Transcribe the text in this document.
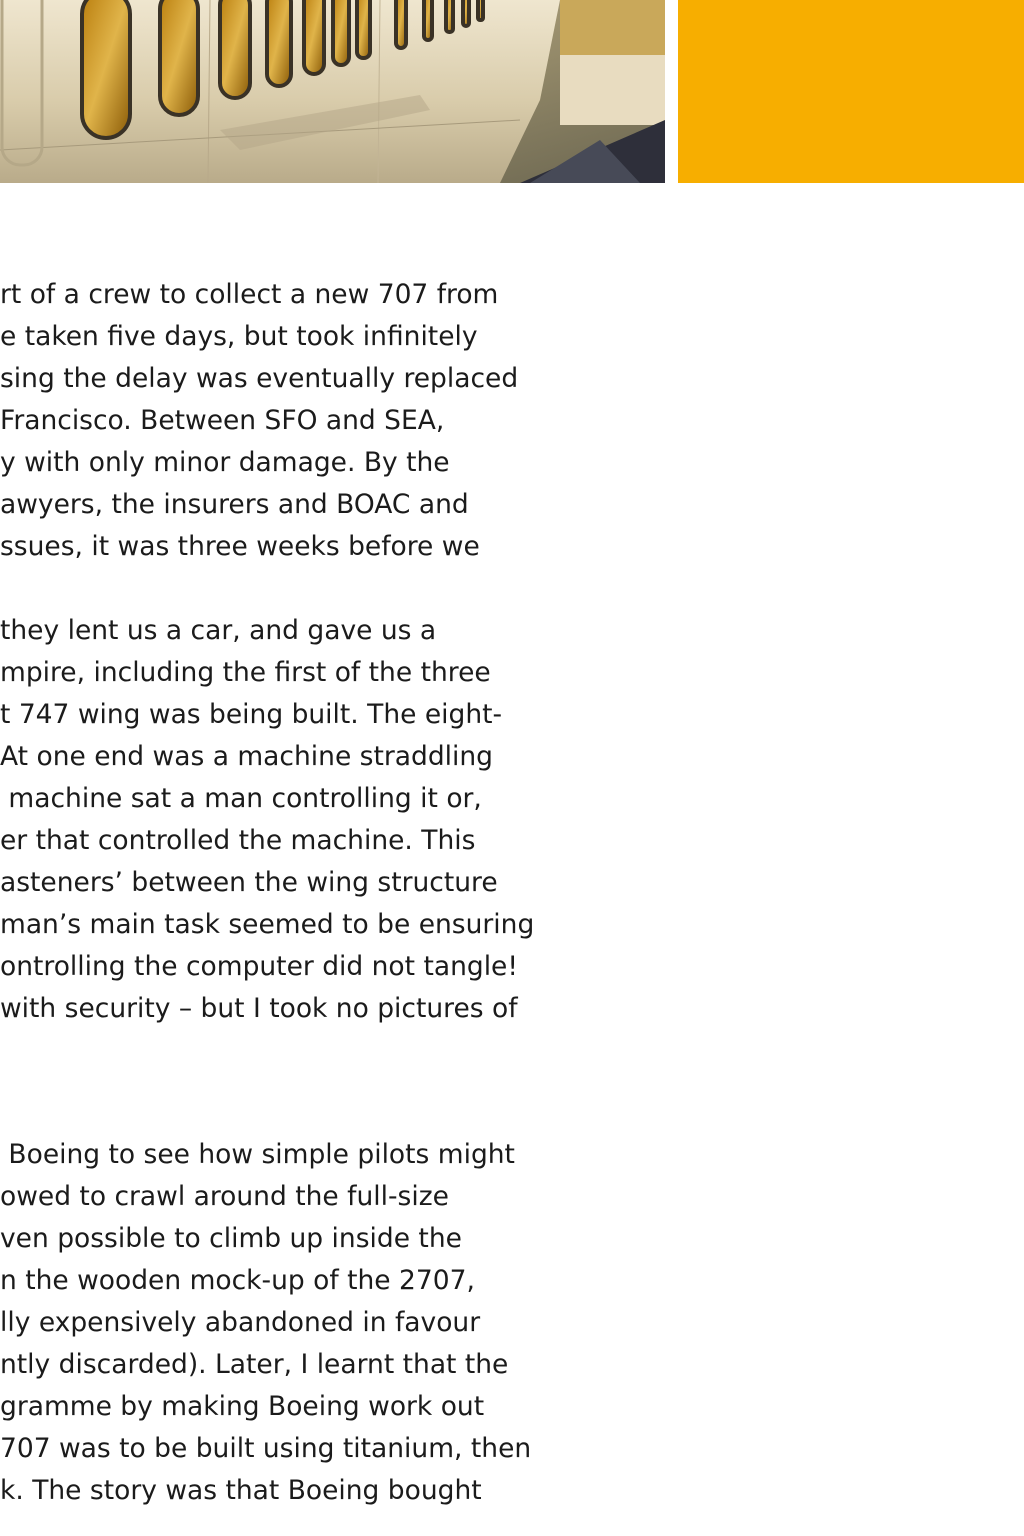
rt of a crew to collect a new 707 from
e taken five days, but took infinitely
sing the delay was eventually replaced
Francisco. Between SFO and SEA,
y with only minor damage. By the
awyers, the insurers and BOAC and
ssues, it was three weeks before we

they lent us a car, and gave us a
mpire, including the first of the three
t 747 wing was being built. The eight-
At one end was a machine straddling
machine sat a man controlling it or,
er that controlled the machine. This
asteners’ between the wing structure
man’s main task seemed to be ensuring
ontrolling the computer did not tangle!
with security – but I took no pictures of

Boeing to see how simple pilots might
owed to crawl around the full-size
ven possible to climb up inside the
n the wooden mock-up of the 2707,
lly expensively abandoned in favour
ntly discarded). Later, I learnt that the
gramme by making Boeing work out
707 was to be built using titanium, then
k. The story was that Boeing bought
